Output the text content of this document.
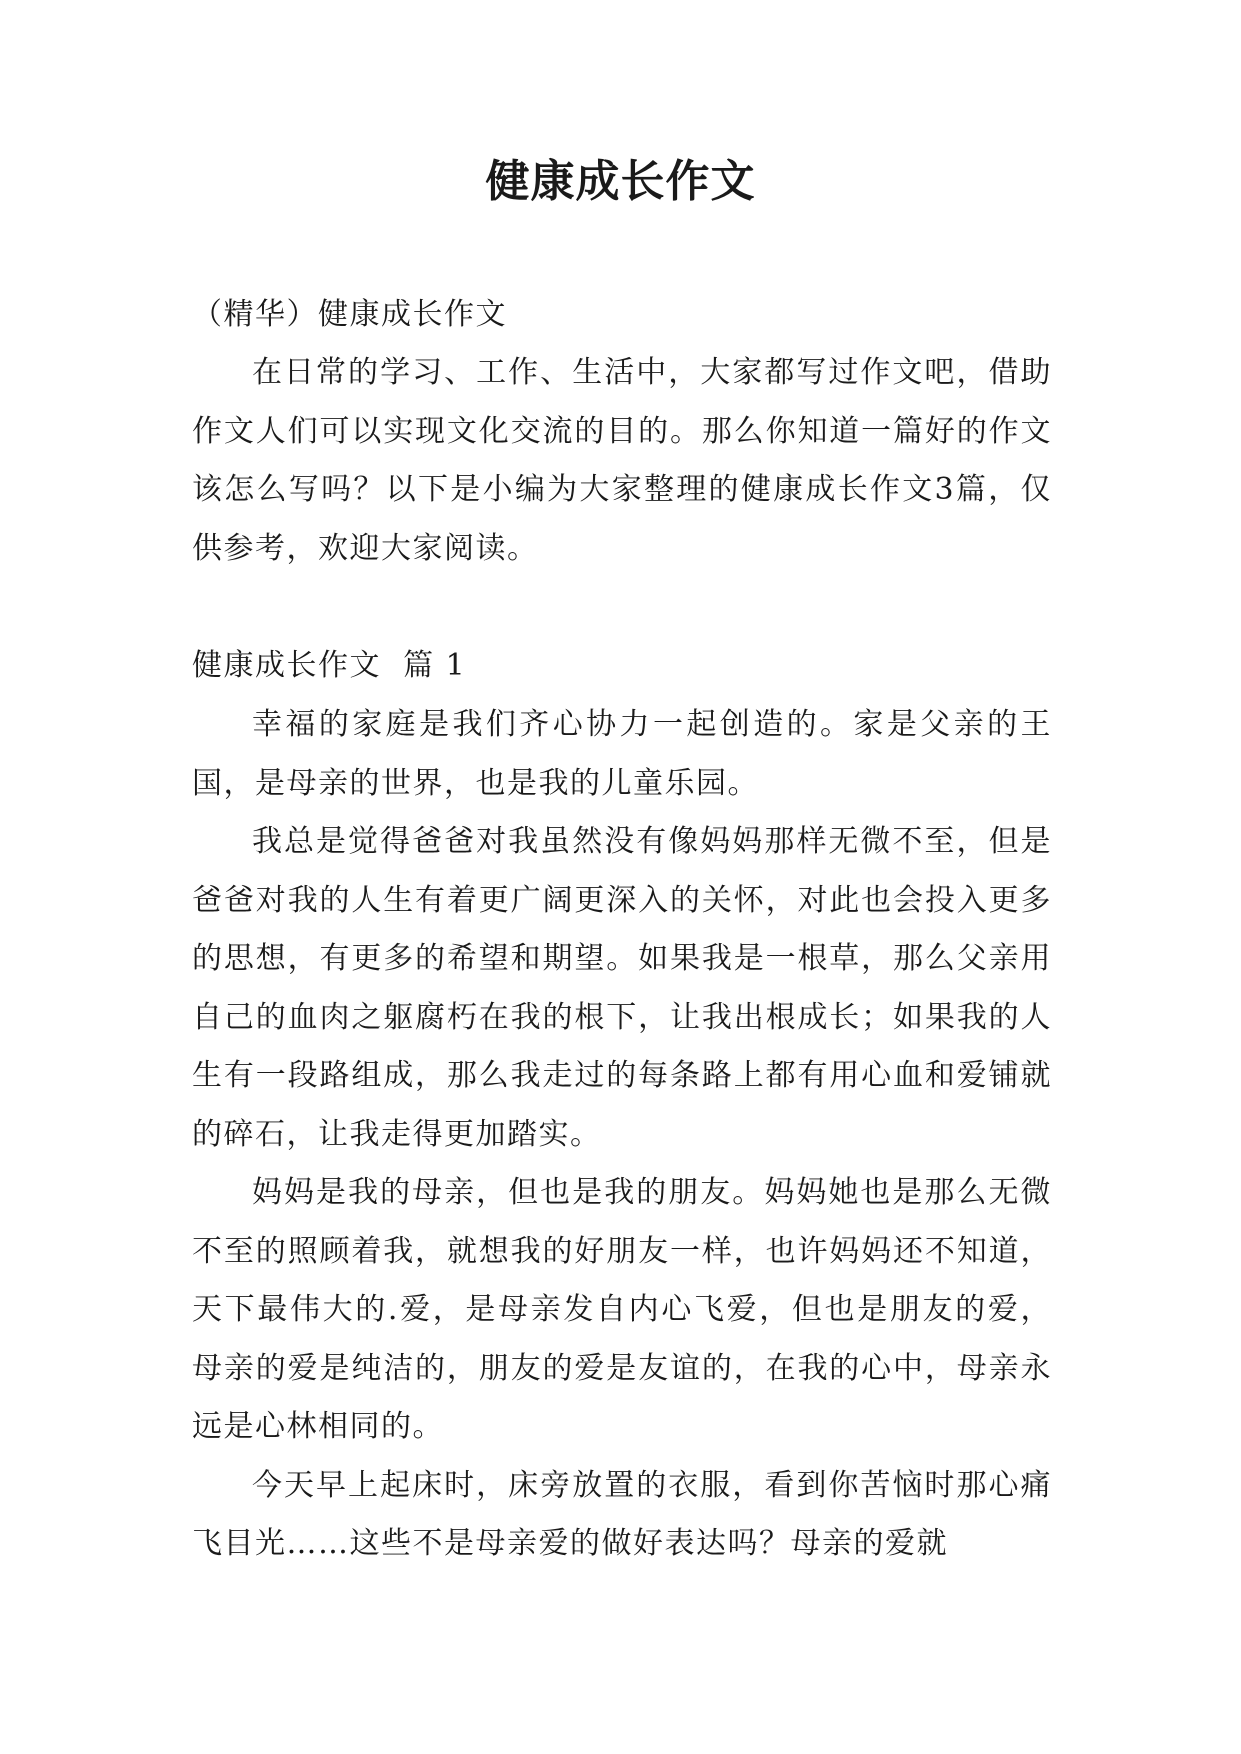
健康成长作文

（精华）健康成长作文

在日常的学习、工作、生活中，大家都写过作文吧，借助作文人们可以实现文化交流的目的。那么你知道一篇好的作文该怎么写吗？以下是小编为大家整理的健康成长作文3篇，仅供参考，欢迎大家阅读。

健康成长作文  篇 1

幸福的家庭是我们齐心协力一起创造的。家是父亲的王国，是母亲的世界，也是我的儿童乐园。

我总是觉得爸爸对我虽然没有像妈妈那样无微不至，但是爸爸对我的人生有着更广阔更深入的关怀，对此也会投入更多的思想，有更多的希望和期望。如果我是一根草，那么父亲用自己的血肉之躯腐朽在我的根下，让我出根成长；如果我的人生有一段路组成，那么我走过的每条路上都有用心血和爱铺就的碎石，让我走得更加踏实。

妈妈是我的母亲，但也是我的朋友。妈妈她也是那么无微不至的照顾着我，就想我的好朋友一样，也许妈妈还不知道，天下最伟大的.爱，是母亲发自内心飞爱，但也是朋友的爱，母亲的爱是纯洁的，朋友的爱是友谊的，在我的心中，母亲永远是心林相同的。

今天早上起床时，床旁放置的衣服，看到你苦恼时那心痛飞目光……这些不是母亲爱的做好表达吗？母亲的爱就
